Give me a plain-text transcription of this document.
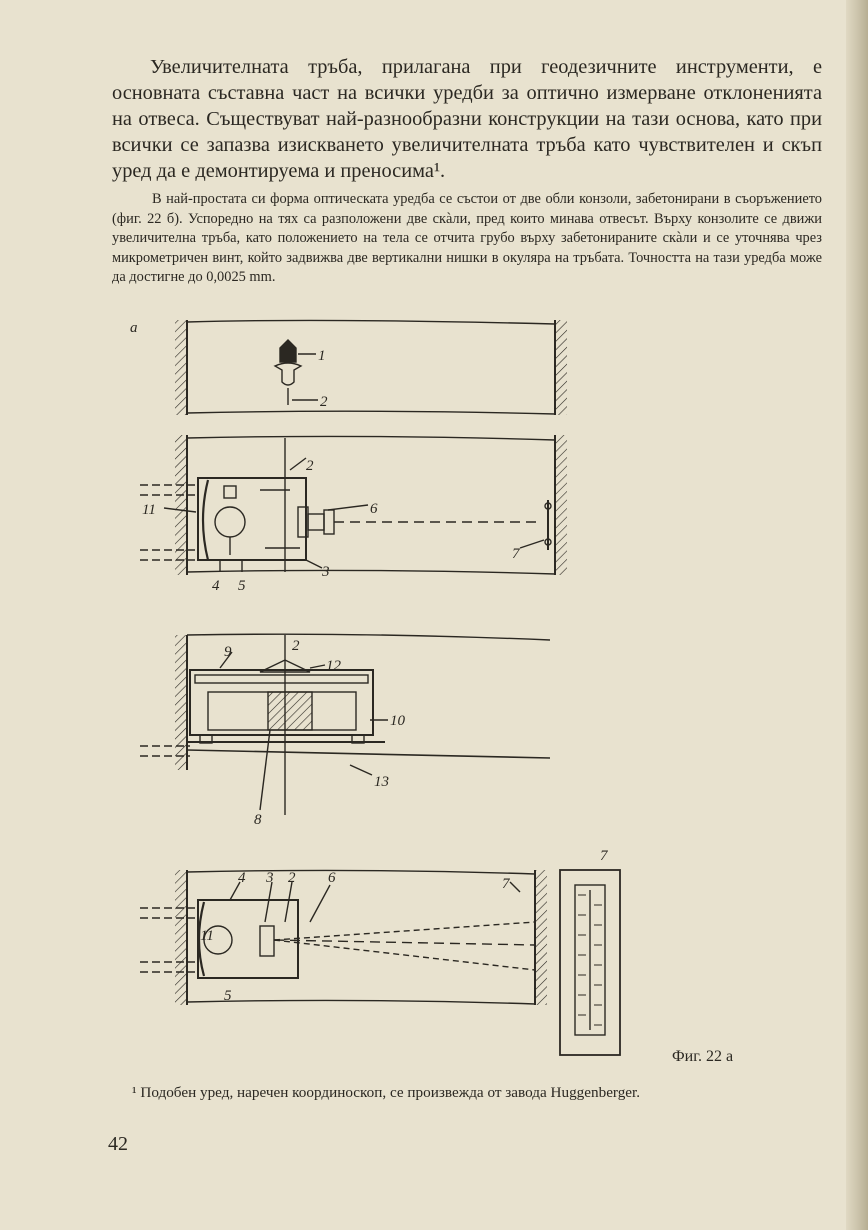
Увеличителната тръба, прилагана при геодезичните инструменти, е основната съставна част на всички уредби за оптично измерване отклоненията на отвеса. Съществуват най-разнообразни конструкции на тази основа, като при всички се запазва изискването увеличителната тръба като чувствителен и скъп уред да е демонтируема и преносима¹.

В най-простата си форма оптическата уредба се състои от две обли конзоли, забетонирани в съоръжението (фиг. 22 б). Успоредно на тях са разположени две скàли, пред които минава отвесът. Върху конзолите се движи увеличителна тръба, като положението на тела се отчита грубо върху забетонираните скàли и се уточнява чрез микрометричен винт, който задвижва две вертикални нишки в окуляра на тръбата. Точността на тази уредба може да достигне до 0,0025 mm.

a
1
2
2
6
11
7
3
4 5
2
9
12
10
13
8
4 3 2 6
7
7
11
5
Фиг. 22 a
¹ Подобен уред, наречен координоскоп, се произвежда от завода Huggenberger.
42
